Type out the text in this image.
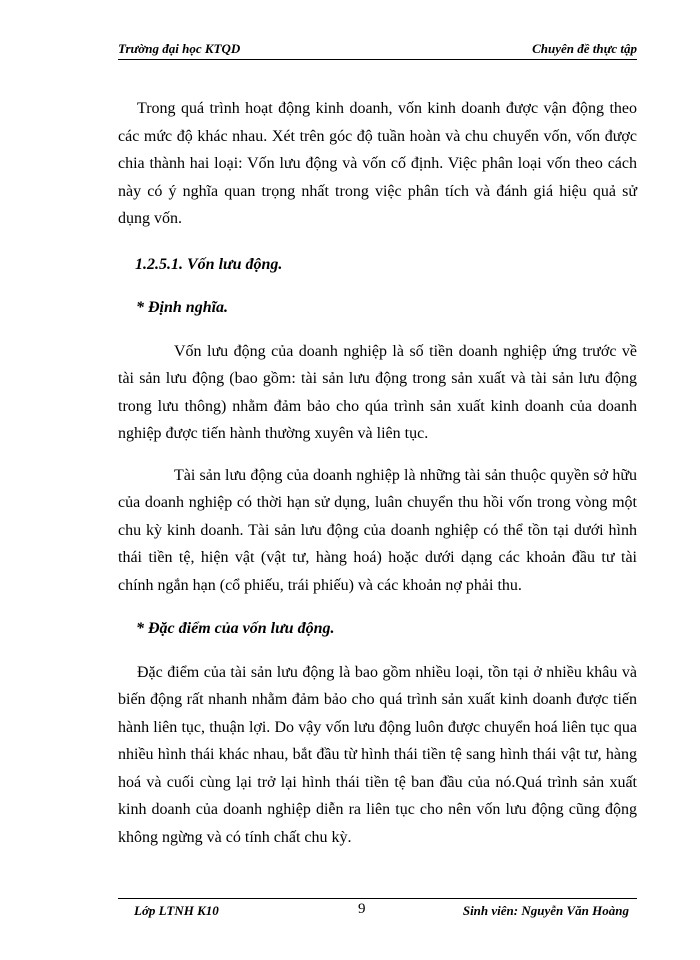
Trường đại học KTQD	Chuyên đề thực tập

Trong quá trình hoạt động kinh doanh, vốn kinh doanh được vận động theo các mức độ khác nhau. Xét trên góc độ tuần hoàn và chu chuyển vốn, vốn được chia thành hai loại: Vốn lưu động và vốn cố định. Việc phân loại vốn theo cách này có ý nghĩa quan trọng nhất trong việc phân tích và đánh giá hiệu quả sử dụng vốn.

1.2.5.1. Vốn lưu động.

* Định nghĩa.

Vốn lưu động của doanh nghiệp là số tiền doanh nghiệp ứng trước về tài sản lưu động (bao gồm: tài sản lưu động trong sản xuất và tài sản lưu động trong lưu thông) nhằm đảm bảo cho qúa trình sản xuất kinh doanh của doanh nghiệp được tiến hành thường xuyên và liên tục.

Tài sản lưu động của doanh nghiệp là những tài sản thuộc quyền sở hữu của doanh nghiệp có thời hạn sử dụng, luân chuyển thu hồi vốn trong vòng một chu kỳ kinh doanh. Tài sản lưu động của doanh nghiệp có thể tồn tại dưới hình thái tiền tệ, hiện vật (vật tư, hàng hoá) hoặc dưới dạng các khoản đầu tư tài chính ngắn hạn (cổ phiếu, trái phiếu) và các khoản nợ phải thu.

* Đặc điểm của vốn lưu động.

Đặc điểm của tài sản lưu động là bao gồm nhiều loại, tồn tại ở nhiều khâu và biến động rất nhanh nhằm đảm bảo cho quá trình sản xuất kinh doanh được tiến hành liên tục, thuận lợi. Do vậy vốn lưu động luôn được chuyển hoá liên tục qua nhiều hình thái khác nhau, bắt đầu từ hình thái tiền tệ sang hình thái vật tư, hàng hoá và cuối cùng lại trở lại hình thái tiền tệ ban đầu của nó.Quá trình sản xuất kinh doanh của doanh nghiệp diễn ra liên tục cho nên vốn lưu động cũng động không ngừng và có tính chất chu kỳ.

Lớp LTNH K10	9	Sinh viên: Nguyễn Văn Hoàng
